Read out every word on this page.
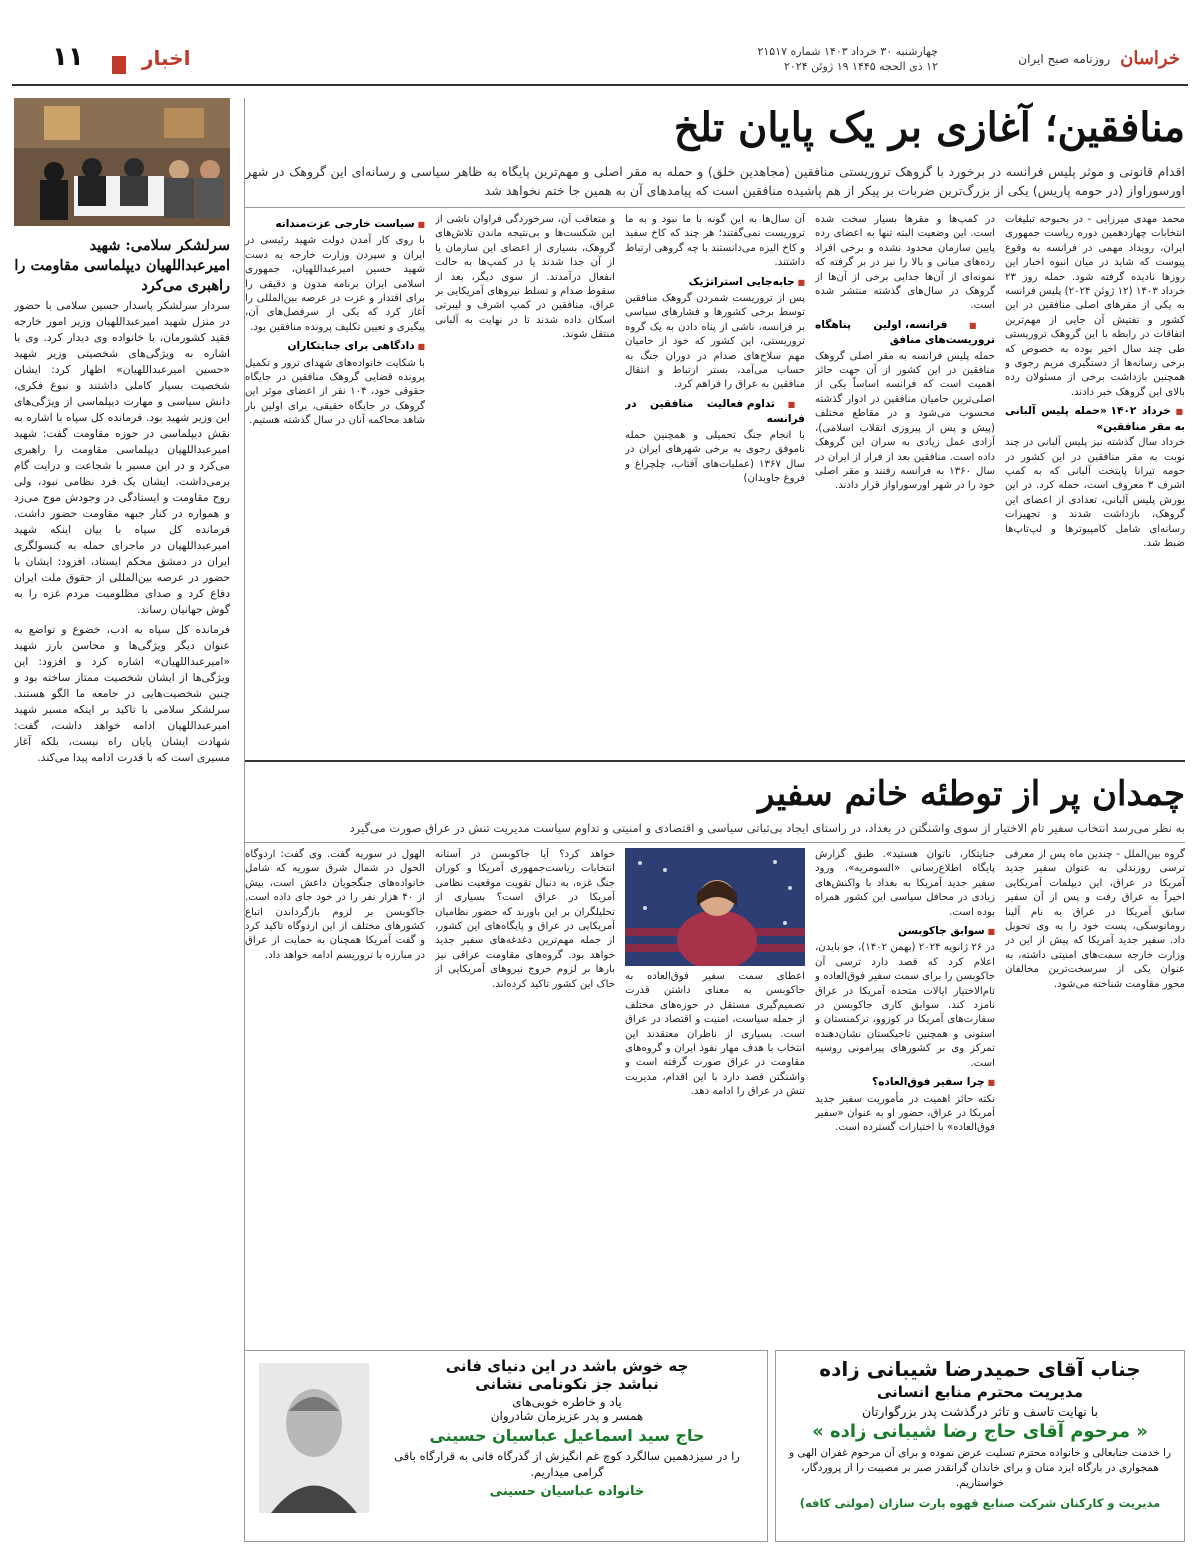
خراسان
روزنامه صبح ایران
چهارشنبه ۳۰ خرداد ۱۴۰۳ شماره ۲۱۵۱۷
۱۲ ذی الحجه ۱۴۴۵ ۱۹ ژوئن ۲۰۲۴
اخبار
۱۱
منافقین؛ آغازی بر یک پایان تلخ
اقدام قانونی و موثر پلیس فرانسه در برخورد با گروهک تروریستی منافقین (مجاهدین خلق) و حمله به مقر اصلی و مهم‌ترین پایگاه به ظاهر سیاسی و رسانه‌ای این گروهک در شهر اورسوراواز (در حومه پاریس) یکی از بزرگ‌ترین ضربات بر پیکر از هم پاشیده منافقین است که پیامدهای آن به همین جا ختم نخواهد شد

محمد مهدی میرزایی - در بحبوحه تبلیغات انتخابات چهاردهمین دوره ریاست جمهوری ایران، رویداد مهمی در فرانسه به وقوع پیوست که شاید در میان انبوه اخبار این روزها نادیده گرفته شود. حمله روز ۲۳ خرداد ۱۴۰۳ (۱۲ ژوئن ۲۰۲۴) پلیس فرانسه به یکی از مقرهای اصلی منافقین در این کشور و تفتیش آن جایی از مهم‌ترین اتفاقات در رابطه با این گروهک تروریستی طی چند سال اخیر بوده به خصوص که برخی رسانه‌ها از دستگیری مریم رجوی و همچنین بازداشت برخی از مسئولان رده بالای این گروهک خبر دادند.

■ خرداد ۱۴۰۲ «حمله پلیس آلبانی به مقر منافقین»

خرداد سال گذشته نیز پلیس آلبانی در چند نوبت به مقر منافقین در این کشور در حومه تیرانا پایتخت آلبانی که به کمپ اشرف ۳ معروف است، حمله کرد. در این یورش پلیس آلبانی، تعدادی از اعضای این گروهک، بازداشت شدند و تجهیزات رسانه‌ای شامل کامپیوترها و لپ‌تاپ‌ها ضبط شد.

در کمپ‌ها و مقرها بسیار سخت شده است. این وضعیت البته تنها به اعضای رده پایین سازمان محدود نشده و برخی افراد رده‌های میانی و بالا را نیز در بر گرفته که نمونه‌ای از آن‌ها جدایی برخی از آن‌ها از گروهک در سال‌های گذشته منتشر شده است.

■ فرانسه، اولین پناهگاه تروریست‌های منافق

حمله پلیس فرانسه به مقر اصلی گروهک منافقین در این کشور از آن جهت حائز اهمیت است که فرانسه اساساً یکی از اصلی‌ترین حامیان منافقین در ادوار گذشته محسوب می‌شود و در مقاطع مختلف (پیش و پس از پیروزی انقلاب اسلامی)، آزادی عمل زیادی به سران این گروهک داده است. منافقین بعد از فرار از ایران در سال ۱۳۶۰ به فرانسه رفتند و مقر اصلی خود را در شهر اورسوراواز قرار دادند.

آن سال‌ها به این گونه با ما نبود و به ما تروریست نمی‌گفتند؛ هر چند که کاخ سفید و کاخ الیزه می‌دانستند با چه گروهی ارتباط داشتند.

■ جابه‌جایی استراتژیک

پس از تروریست شمردن گروهک منافقین توسط برخی کشورها و فشارهای سیاسی بر فرانسه، ناشی از پناه دادن به یک گروه تروریستی، این کشور که خود از حامیان مهم سلاح‌های صدام در دوران جنگ به حساب می‌آمد، بستر ارتباط و انتقال منافقین به عراق را فراهم کرد.

■ تداوم فعالیت منافقین در فرانسه

با انجام جنگ تحمیلی و همچنین حمله ناموفق رجوی به برخی شهرهای ایران در سال ۱۳۶۷ (عملیات‌های آفتاب، چلچراغ و فروغ جاویدان)

و متعاقب آن، سرخوردگی فراوان ناشی از این شکست‌ها و بی‌نتیجه ماندن تلاش‌های گروهک، بسیاری از اعضای این سازمان یا از آن جدا شدند یا در کمپ‌ها به حالت انفعال درآمدند. از سوی دیگر، بعد از سقوط صدام و تسلط نیروهای آمریکایی بر عراق، منافقین در کمپ اشرف و لیبرتی اسکان داده شدند تا در نهایت به آلبانی منتقل شوند.

■ سیاست خارجی عزت‌مندانه

با روی کار آمدن دولت شهید رئیسی در ایران و سپردن وزارت خارجه به دست شهید حسین امیرعبداللهیان، جمهوری اسلامی ایران برنامه مدون و دقیقی را برای اقتدار و عزت در عرصه بین‌المللی را آغاز کرد که یکی از سرفصل‌های آن، پیگیری و تعیین تکلیف پرونده منافقین بود.

■ دادگاهی برای جنایتکاران

با شکایت خانواده‌های شهدای ترور و تکمیل پرونده قضایی گروهک منافقین در جایگاه حقوقی خود، ۱۰۴ نفر از اعضای موثر این گروهک در جایگاه حقیقی، برای اولین بار شاهد محاکمه آنان در سال گذشته هستیم.

سرلشکر سلامی: شهید امیرعبداللهیان دیپلماسی مقاومت را راهبری می‌کرد

سردار سرلشکر پاسدار حسین سلامی با حضور در منزل شهید امیرعبداللهیان وزیر امور خارجه فقید کشورمان، با خانواده وی دیدار کرد. وی با اشاره به ویژگی‌های شخصیتی وزیر شهید «حسین امیرعبداللهیان» اظهار کرد: ایشان شخصیت بسیار کاملی داشتند و نبوغ فکری، دانش سیاسی و مهارت دیپلماسی از ویژگی‌های این وزیر شهید بود. فرمانده کل سپاه با اشاره به نقش دیپلماسی در حوزه مقاومت گفت: شهید امیرعبداللهیان دیپلماسی مقاومت را راهبری می‌کرد و در این مسیر با شجاعت و درایت گام برمی‌داشت. ایشان یک فرد نظامی نبود، ولی روح مقاومت و ایستادگی در وجودش موج می‌زد و همواره در کنار جبهه مقاومت حضور داشت. فرمانده کل سپاه با بیان اینکه شهید امیرعبداللهیان در ماجرای حمله به کنسولگری ایران در دمشق محکم ایستاد، افزود: ایشان با حضور در عرصه بین‌المللی از حقوق ملت ایران دفاع کرد و صدای مظلومیت مردم غزه را به گوش جهانیان رساند.

فرمانده کل سپاه به ادب، خضوع و تواضع به عنوان دیگر ویژگی‌ها و محاسن بارز شهید «امیرعبداللهیان» اشاره کرد و افزود: این ویژگی‌ها از ایشان شخصیت ممتاز ساخته بود و چنین شخصیت‌هایی در جامعه ما الگو هستند. سرلشکر سلامی با تاکید بر اینکه مسیر شهید امیرعبداللهیان ادامه خواهد داشت، گفت: شهادت ایشان پایان راه نیست، بلکه آغاز مسیری است که با قدرت ادامه پیدا می‌کند.

چمدان پر از توطئه خانم سفیر
به نظر می‌رسد انتخاب سفیر تام الاختیار از سوی واشنگتن در بغداد، در راستای ایجاد بی‌ثباتی سیاسی و اقتصادی و امنیتی و تداوم سیاست مدیریت تنش در عراق صورت می‌گیرد

گروه بین‌الملل - چندین ماه پس از معرفی ترسی روزندلی به عنوان سفیر جدید آمریکا در عراق، این دیپلمات آمریکایی اخیراً به عراق رفت و پس از آن سفیر سابق آمریکا در عراق به نام آلینا رومانوسکی، پست خود را به وی تحویل داد. سفیر جدید آمریکا که پیش از این در وزارت خارجه سمت‌های امنیتی داشته، به عنوان یکی از سرسخت‌ترین مخالفان محور مقاومت شناخته می‌شود.

جنایتکار، ناتوان هستید». طبق گزارش پایگاه اطلاع‌رسانی «السومریه»، ورود سفیر جدید آمریکا به بغداد با واکنش‌های زیادی در محافل سیاسی این کشور همراه بوده است.

■ سوابق جاکوبسن

در ۲۶ ژانویه ۲۰۲۴ (بهمن ۱۴۰۲)، جو بایدن، اعلام کرد که قصد دارد ترسی آن جاکوبسن را برای سمت سفیر فوق‌العاده و تام‌الاختیار ایالات متحده آمریکا در عراق نامزد کند. سوابق کاری جاکوبسن در سفارت‌های آمریکا در کوزوو، ترکمنستان و استونی و همچنین تاجیکستان نشان‌دهنده تمرکز وی بر کشورهای پیرامونی روسیه است.

■ چرا سفیر فوق‌العاده؟

نکته حائز اهمیت در مأموریت سفیر جدید آمریکا در عراق، حضور او به عنوان «سفیر فوق‌العاده» با اختیارات گسترده است.

اعطای سمت سفیر فوق‌العاده به جاکوبسن به معنای داشتن قدرت تصمیم‌گیری مستقل در حوزه‌های مختلف از جمله سیاست، امنیت و اقتصاد در عراق است. بسیاری از ناظران معتقدند این انتخاب با هدف مهار نفوذ ایران و گروه‌های مقاومت در عراق صورت گرفته است و واشنگتن قصد دارد با این اقدام، مدیریت تنش در عراق را ادامه دهد.

خواهد کرد؟ آیا جاکوبسن در آستانه انتخابات ریاست‌جمهوری آمریکا و کوران جنگ غزه، به دنبال تقویت موقعیت نظامی آمریکا در عراق است؟ بسیاری از تحلیلگران بر این باورند که حضور نظامیان آمریکایی در عراق و پایگاه‌های این کشور، از جمله مهم‌ترین دغدغه‌های سفیر جدید خواهد بود. گروه‌های مقاومت عراقی نیز بارها بر لزوم خروج نیروهای آمریکایی از خاک این کشور تاکید کرده‌اند.

الهول در سوریه گفت. وی گفت: اردوگاه الحول در شمال شرق سوریه که شامل خانواده‌های جنگجویان داعش است، بیش از ۴۰ هزار نفر را در خود جای داده است. جاکوبسن بر لزوم بازگرداندن اتباع کشورهای مختلف از این اردوگاه تاکید کرد و گفت آمریکا همچنان به حمایت از عراق در مبارزه با تروریسم ادامه خواهد داد.

جناب آقای حمیدرضا شیبانی زاده
مدیریت محترم منابع انسانی
با نهایت تاسف و تاثر درگذشت پدر بزرگوارتان
« مرحوم آقای حاج رضا شیبانی زاده »
را خدمت جنابعالی و خانواده محترم تسلیت عرض نموده و برای آن مرحوم غفران الهی و همجواری در بارگاه ایزد منان و برای خاندان گرانقدر صبر بر مصیبت را از پروردگار، خواستاریم.
مدیریت و کارکنان شرکت صنایع قهوه پارت سازان (مولتی کافه)
چه خوش باشد در این دنیای فانی
نباشد جز نکونامی نشانی
یاد و خاطره خوبی‌های
همسر و پدر عزیزمان شادروان
حاج سید اسماعیل عباسیان حسینی
را در سیزدهمین سالگرد کوچ غم انگیزش از گذرگاه فانی به قرارگاه باقی گرامی میداریم.
خانواده عباسیان حسینی
